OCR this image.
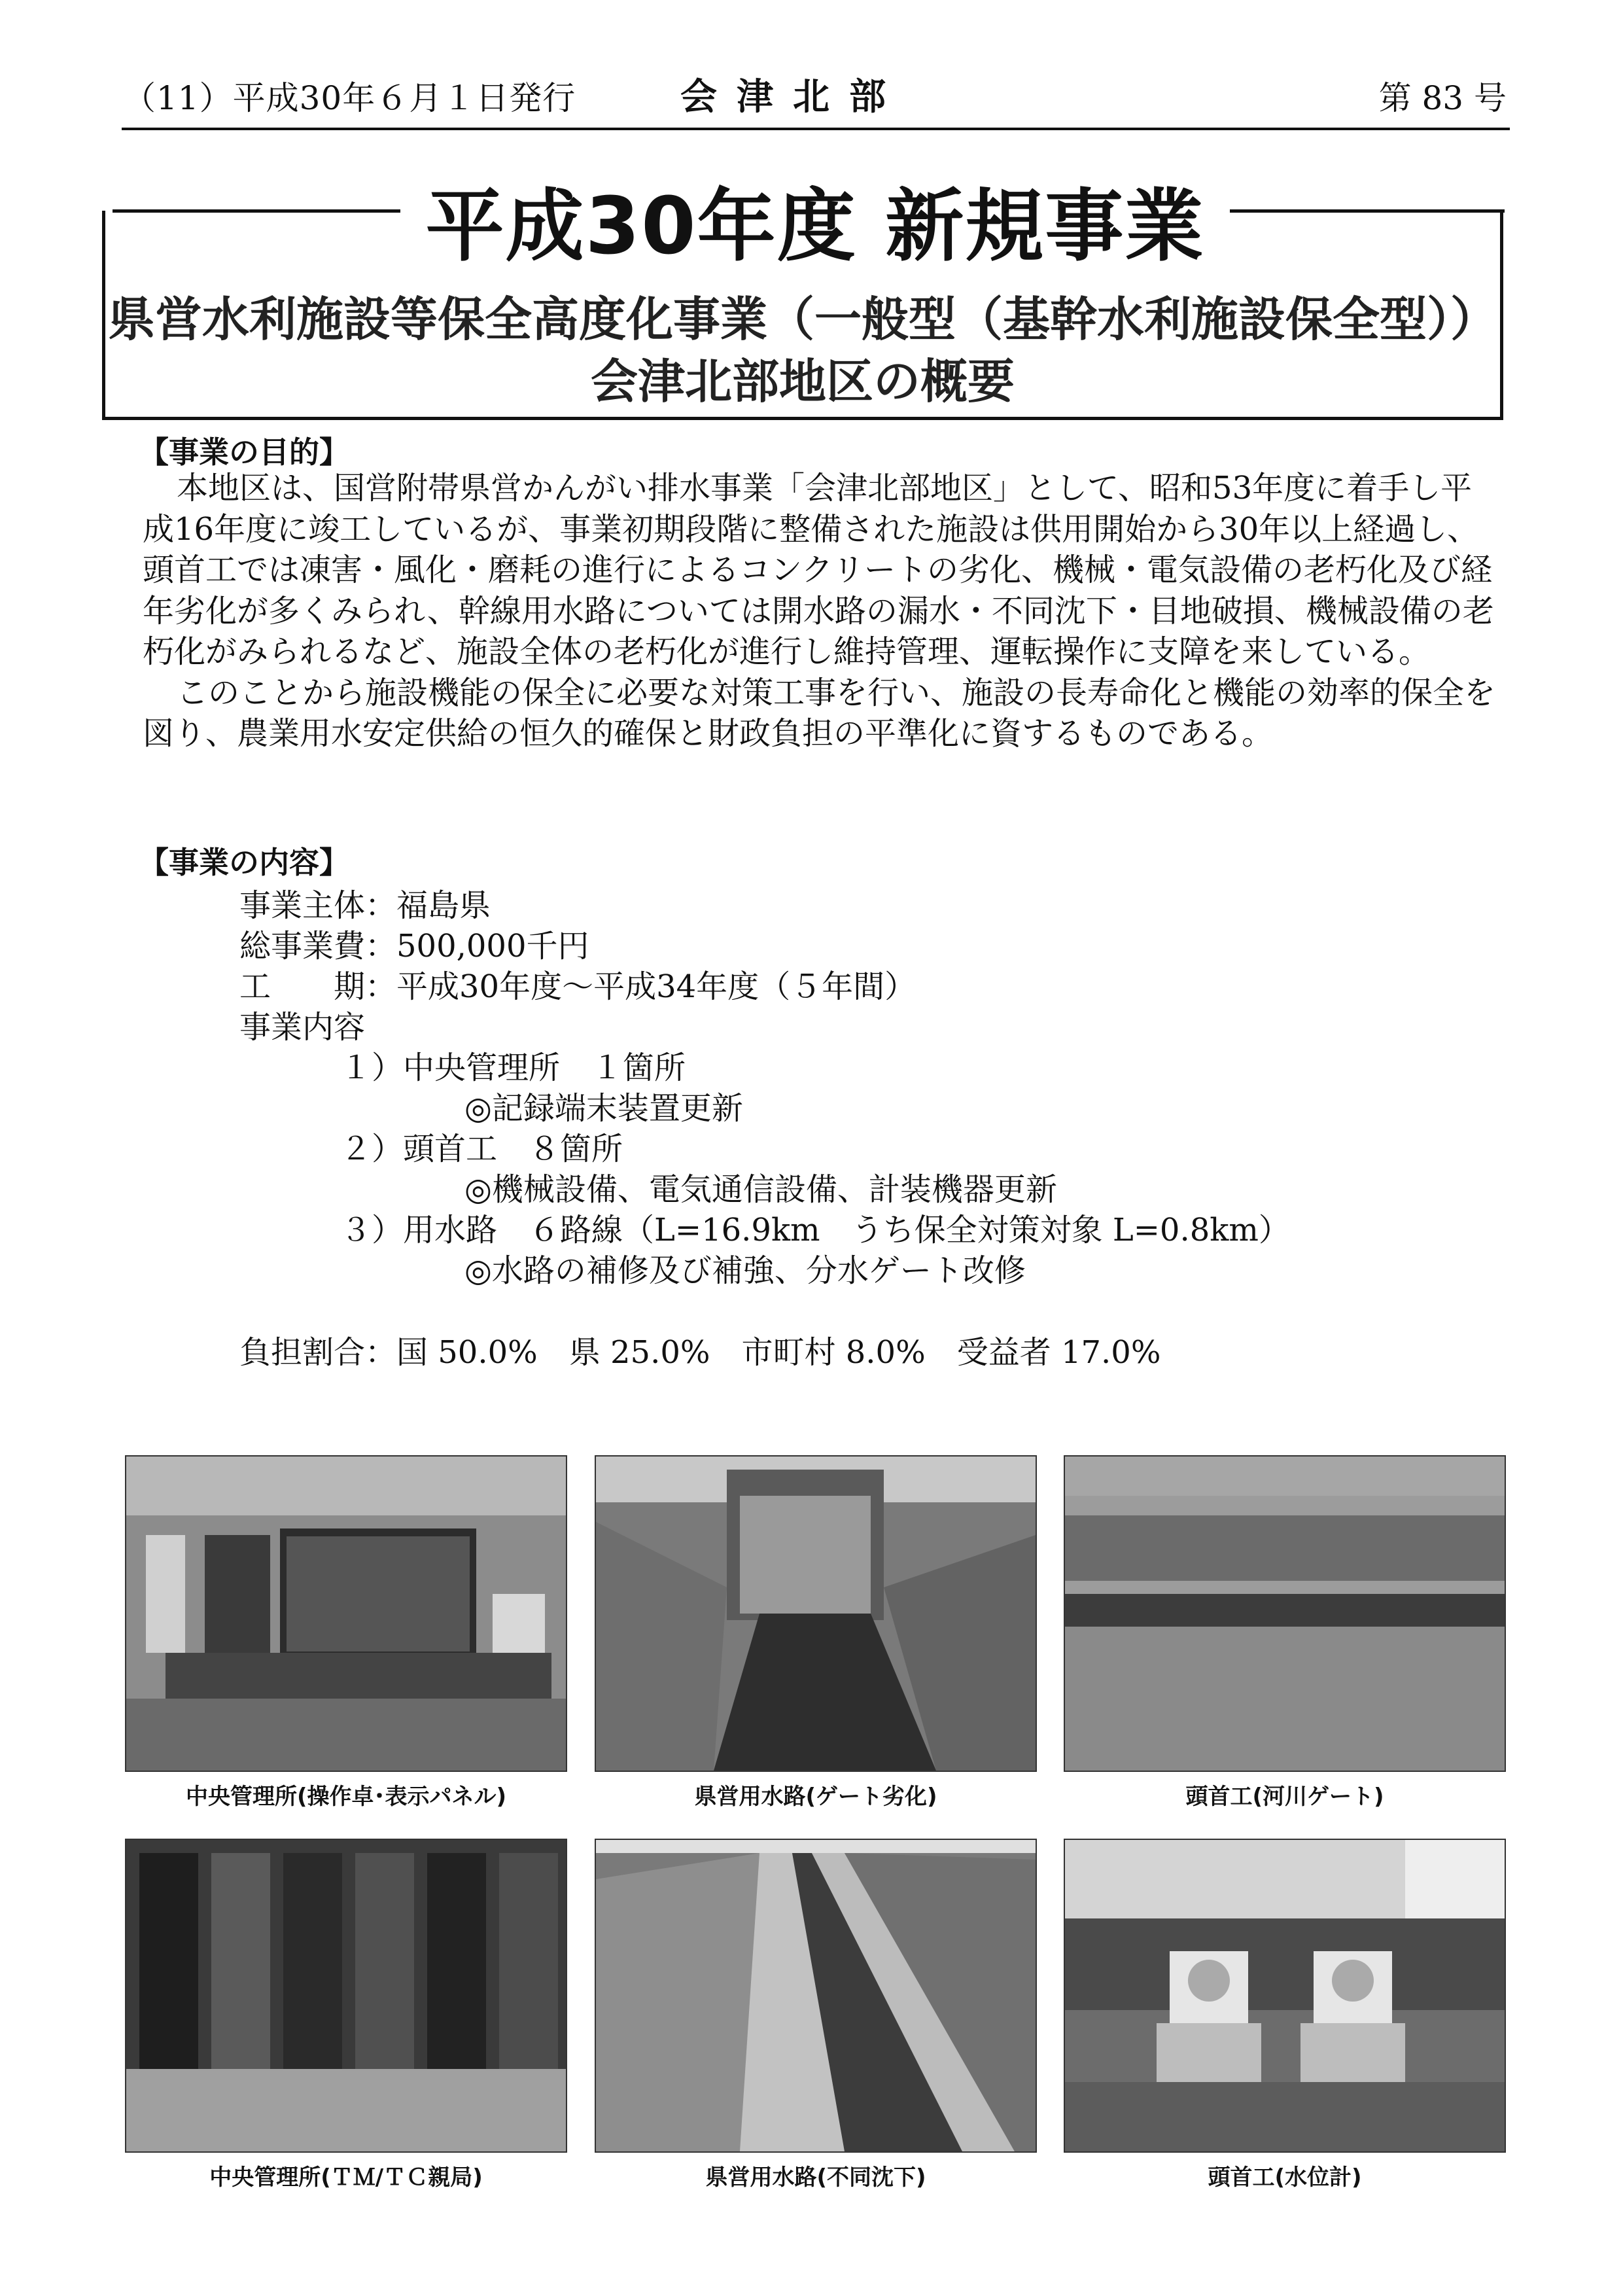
（11）平成30年６月１日発行	会津北部	第 83 号
平成30年度 新規事業
県営水利施設等保全高度化事業（一般型（基幹水利施設保全型））
会津北部地区の概要
【事業の目的】

本地区は、国営附帯県営かんがい排水事業「会津北部地区」として、昭和53年度に着手し平成16年度に竣工しているが、事業初期段階に整備された施設は供用開始から30年以上経過し、頭首工では凍害・風化・磨耗の進行によるコンクリートの劣化、機械・電気設備の老朽化及び経年劣化が多くみられ、幹線用水路については開水路の漏水・不同沈下・目地破損、機械設備の老朽化がみられるなど、施設全体の老朽化が進行し維持管理、運転操作に支障を来している。

このことから施設機能の保全に必要な対策工事を行い、施設の長寿命化と機能の効率的保全を図り、農業用水安定供給の恒久的確保と財政負担の平準化に資するものである。

【事業の内容】
事業主体：福島県
総事業費：500,000千円
工　　期：平成30年度～平成34年度（５年間）
事業内容
１）中央管理所　１箇所
◎記録端末装置更新
２）頭首工　８箇所
◎機械設備、電気通信設備、計装機器更新
３）用水路　６路線（L=16.9km　うち保全対策対象 L=0.8km）
◎水路の補修及び補強、分水ゲート改修
負担割合：国 50.0%　県 25.0%　市町村 8.0%　受益者 17.0%
中央管理所(操作卓･表示パネル)	県営用水路(ゲート劣化)	頭首工(河川ゲート)
中央管理所(ＴＭ/ＴＣ親局)	県営用水路(不同沈下)	頭首工(水位計)
